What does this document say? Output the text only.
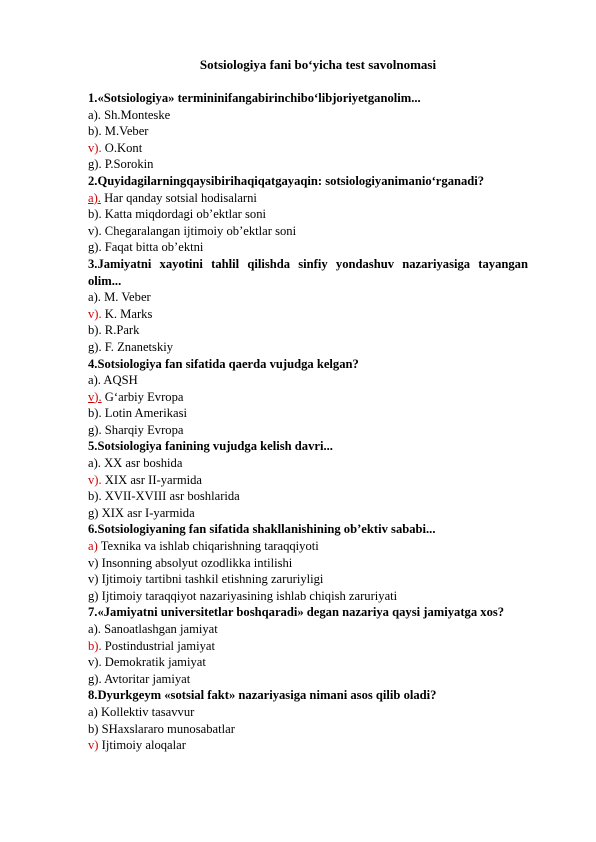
Sotsiologiya fani bo‘yicha test savolnomasi

1.«Sotsiologiya» termininifangabirinchibo‘libjoriyetganolim...

a). Sh.Monteske

b). M.Veber

v). O.Kont

g). P.Sorokin

2.Quyidagilarningqaysibirihaqiqatgayaqin: sotsiologiyanimanio‘rganadi?

a). Har qanday sotsial hodisalarni

b). Katta miqdordagi ob’ektlar soni

v). Chegaralangan ijtimoiy ob’ektlar soni

g). Faqat bitta ob’ektni

3.Jamiyatni xayotini tahlil qilishda sinfiy yondashuv nazariyasiga tayangan olim...

a). M. Veber

v). K. Marks

b). R.Park

g). F. Znanetskiy

4.Sotsiologiya fan sifatida qaerda vujudga kelgan?

a). AQSH

v). G‘arbiy Evropa

b). Lotin Amerikasi

g). Sharqiy Evropa

5.Sotsiologiya fanining vujudga kelish davri...

a). XX asr boshida

v). XIX asr II-yarmida

b). XVII-XVIII asr boshlarida

g) XIX asr I-yarmida

6.Sotsiologiyaning fan sifatida shakllanishining ob’ektiv sababi...

a) Texnika va ishlab chiqarishning taraqqiyoti

v) Insonning absolyut ozodlikka intilishi

v) Ijtimoiy tartibni tashkil etishning zaruriyligi

g) Ijtimoiy taraqqiyot nazariyasining ishlab chiqish zaruriyati

7.«Jamiyatni universitetlar boshqaradi» degan nazariya qaysi jamiyatga xos?

a). Sanoatlashgan jamiyat

b). Postindustrial jamiyat

v). Demokratik jamiyat

g). Avtoritar jamiyat

8.Dyurkgeym «sotsial fakt» nazariyasiga nimani asos qilib oladi?

a) Kollektiv tasavvur

b) SHaxslararo munosabatlar

v) Ijtimoiy aloqalar
